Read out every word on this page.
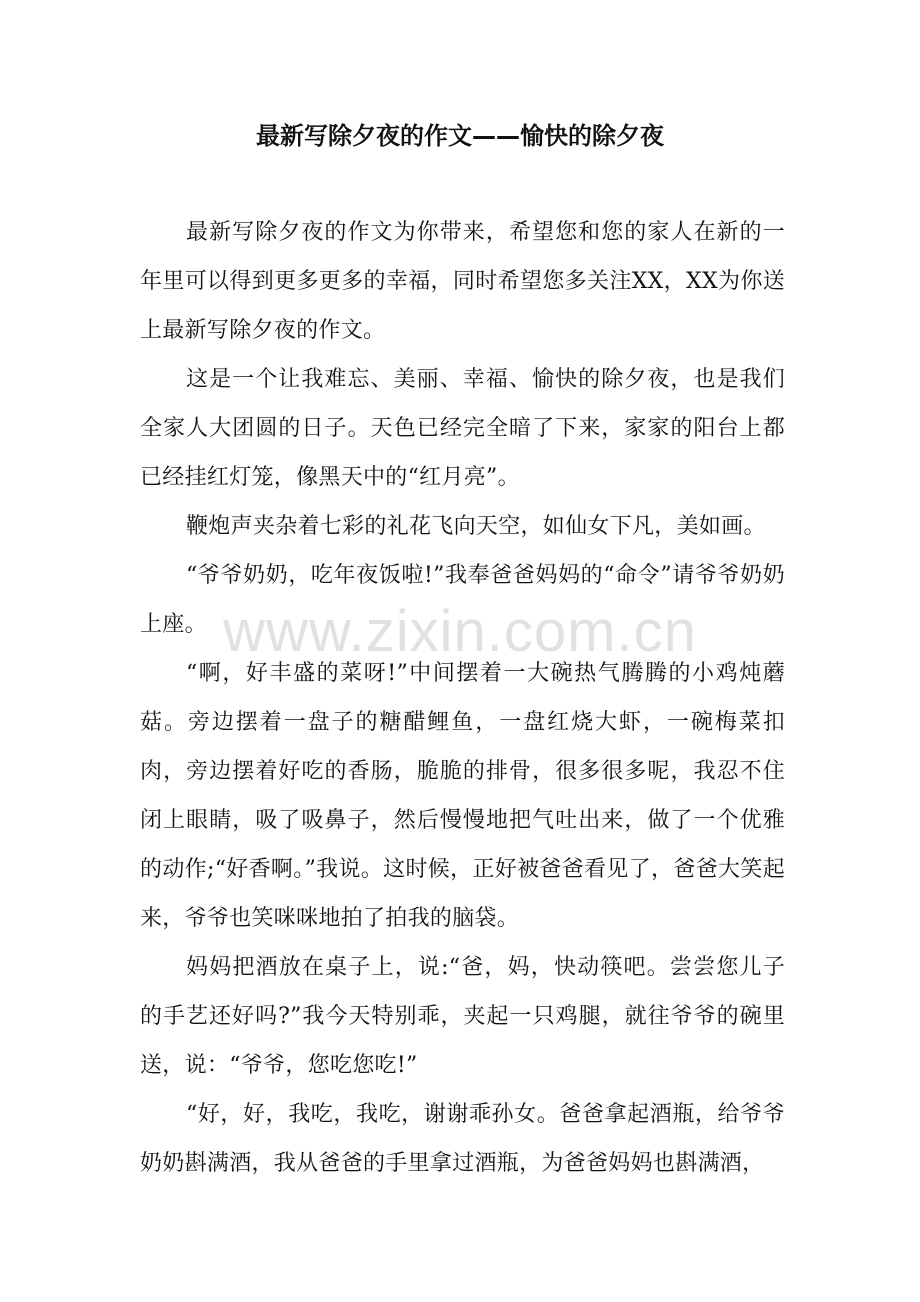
最新写除夕夜的作文——愉快的除夕夜

最新写除夕夜的作文为你带来，希望您和您的家人在新的一年里可以得到更多更多的幸福，同时希望您多关注XX，XX为你送上最新写除夕夜的作文。

这是一个让我难忘、美丽、幸福、愉快的除夕夜，也是我们全家人大团圆的日子。天色已经完全暗了下来，家家的阳台上都已经挂红灯笼，像黑天中的“红月亮”。

鞭炮声夹杂着七彩的礼花飞向天空，如仙女下凡，美如画。

“爷爷奶奶，吃年夜饭啦!”我奉爸爸妈妈的“命令”请爷爷奶奶上座。

“啊，好丰盛的菜呀!”中间摆着一大碗热气腾腾的小鸡炖蘑菇。旁边摆着一盘子的糖醋鲤鱼，一盘红烧大虾，一碗梅菜扣肉，旁边摆着好吃的香肠，脆脆的排骨，很多很多呢，我忍不住闭上眼睛，吸了吸鼻子，然后慢慢地把气吐出来，做了一个优雅的动作;“好香啊。”我说。这时候，正好被爸爸看见了，爸爸大笑起来，爷爷也笑咪咪地拍了拍我的脑袋。

妈妈把酒放在桌子上，说:“爸，妈，快动筷吧。尝尝您儿子的手艺还好吗?”我今天特别乖，夹起一只鸡腿，就往爷爷的碗里送，说：“爷爷，您吃您吃!”

“好，好，我吃，我吃，谢谢乖孙女。爸爸拿起酒瓶，给爷爷奶奶斟满酒，我从爸爸的手里拿过酒瓶，为爸爸妈妈也斟满酒，

www.zixin.com.cn
